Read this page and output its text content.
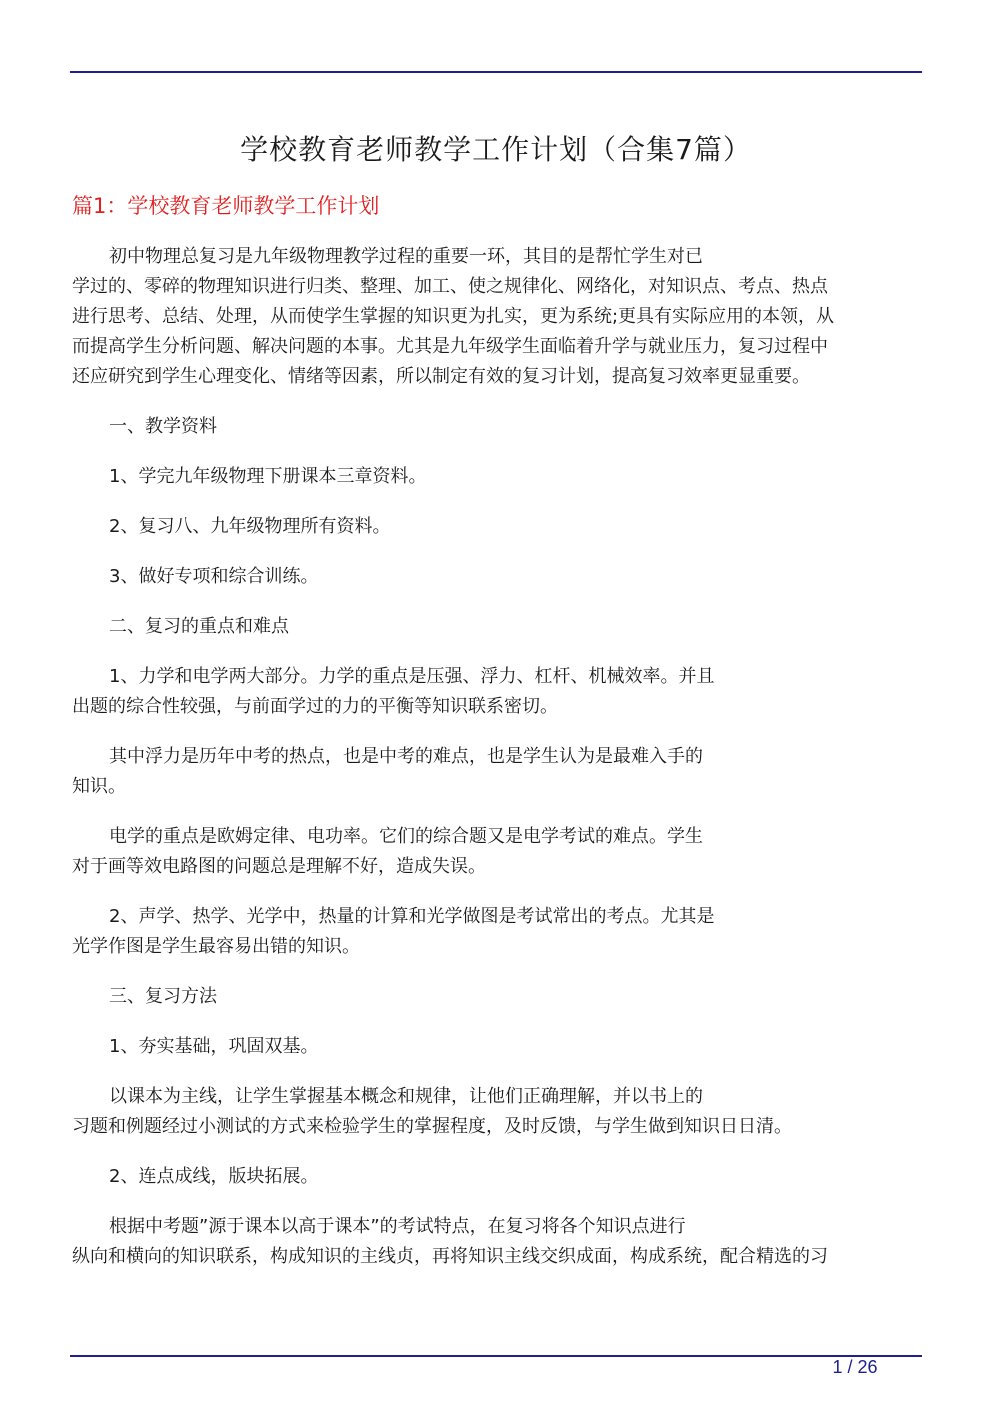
学校教育老师教学工作计划（合集7篇）
篇1：学校教育老师教学工作计划
初中物理总复习是九年级物理教学过程的重要一环，其目的是帮忙学生对已
学过的、零碎的物理知识进行归类、整理、加工、使之规律化、网络化，对知识点、考点、热点
进行思考、总结、处理，从而使学生掌握的知识更为扎实，更为系统;更具有实际应用的本领，从
而提高学生分析问题、解决问题的本事。尤其是九年级学生面临着升学与就业压力，复习过程中
还应研究到学生心理变化、情绪等因素，所以制定有效的复习计划，提高复习效率更显重要。
一、教学资料
1、学完九年级物理下册课本三章资料。
2、复习八、九年级物理所有资料。
3、做好专项和综合训练。
二、复习的重点和难点
1、力学和电学两大部分。力学的重点是压强、浮力、杠杆、机械效率。并且
出题的综合性较强，与前面学过的力的平衡等知识联系密切。
其中浮力是历年中考的热点，也是中考的难点，也是学生认为是最难入手的
知识。
电学的重点是欧姆定律、电功率。它们的综合题又是电学考试的难点。学生
对于画等效电路图的问题总是理解不好，造成失误。
2、声学、热学、光学中，热量的计算和光学做图是考试常出的考点。尤其是
光学作图是学生最容易出错的知识。
三、复习方法
1、夯实基础，巩固双基。
以课本为主线，让学生掌握基本概念和规律，让他们正确理解，并以书上的
习题和例题经过小测试的方式来检验学生的掌握程度，及时反馈，与学生做到知识日日清。
2、连点成线，版块拓展。
根据中考题”源于课本以高于课本”的考试特点，在复习将各个知识点进行
纵向和横向的知识联系，构成知识的主线贞，再将知识主线交织成面，构成系统，配合精选的习
1 / 26
